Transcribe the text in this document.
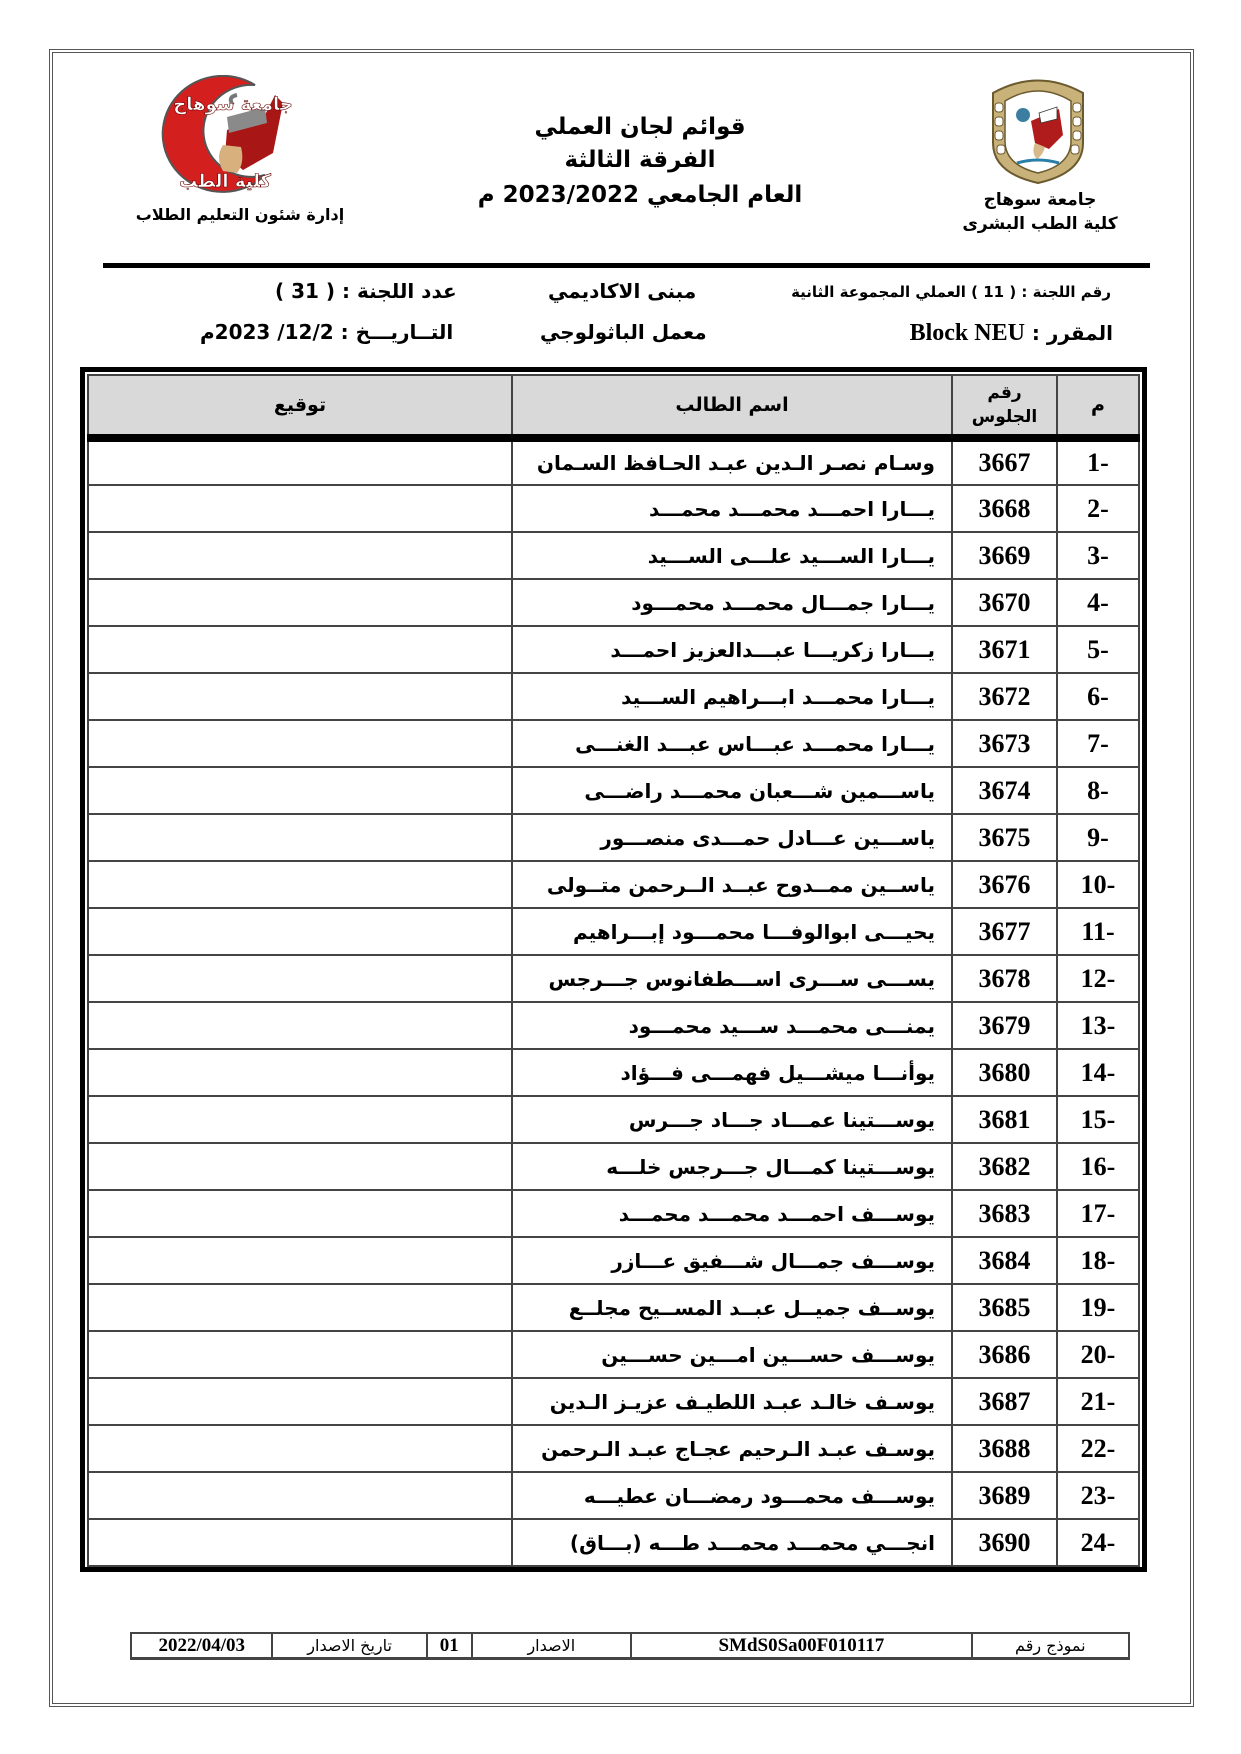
جامعة سوهاج
كلية الطب البشرى
قوائم لجان العملي
الفرقة الثالثة
العام الجامعي 2023/2022 م
جامعة سوهاج
كلية الطب
إدارة شئون التعليم الطلاب
رقم اللجنة : ( 11 ) العملي المجموعة الثانية
مبنى الاكاديمي
عدد اللجنة : ( 31 )
المقرر : Block NEU
معمل الباثولوجي
التــاريـــخ : 12/2/ 2023م
م	رقم الجلوس	اسم الطالب	توقيع
-1	3667	وسـام نصـر الـدين عبـد الحـافظ السـمان	
-2	3668	يـــارا احمـــد محمـــد محمـــد	
-3	3669	يـــارا الســـيد علـــى الســـيد	
-4	3670	يـــارا جمـــال محمـــد محمـــود	
-5	3671	يـــارا زكريـــا عبـــدالعزيز احمـــد	
-6	3672	يـــارا محمـــد ابـــراهيم الســـيد	
-7	3673	يـــارا محمـــد عبـــاس عبـــد الغنـــى	
-8	3674	ياســـمين شـــعبان محمـــد راضـــى	
-9	3675	ياســـين عـــادل حمـــدى منصـــور	
-10	3676	ياســين ممــدوح عبــد الــرحمن متــولى	
-11	3677	يحيـــى ابوالوفـــا محمـــود إبـــراهيم	
-12	3678	يســـى ســـرى اســـطفانوس جـــرجس	
-13	3679	يمنـــى محمـــد ســـيد محمـــود	
-14	3680	يوأنـــا ميشـــيل فهمـــى فـــؤاد	
-15	3681	يوســـتينا عمـــاد جـــاد جـــرس	
-16	3682	يوســـتينا كمـــال جـــرجس خلـــه	
-17	3683	يوســـف احمـــد محمـــد محمـــد	
-18	3684	يوســـف جمـــال شـــفيق عـــازر	
-19	3685	يوســف جميــل عبــد المســيح مجلــع	
-20	3686	يوســـف حســـين امـــين حســـين	
-21	3687	يوسـف خالـد عبـد اللطيـف عزيـز الـدين	
-22	3688	يوسـف عبـد الـرحيم عجـاج عبـد الـرحمن	
-23	3689	يوســـف محمـــود رمضـــان عطيـــه	
-24	3690	انجـــي محمـــد محمـــد طـــه (بـــاق)	
نموذج رقم
SMdS0Sa00F010117
الاصدار
01
تاريخ الاصدار
2022/04/03
